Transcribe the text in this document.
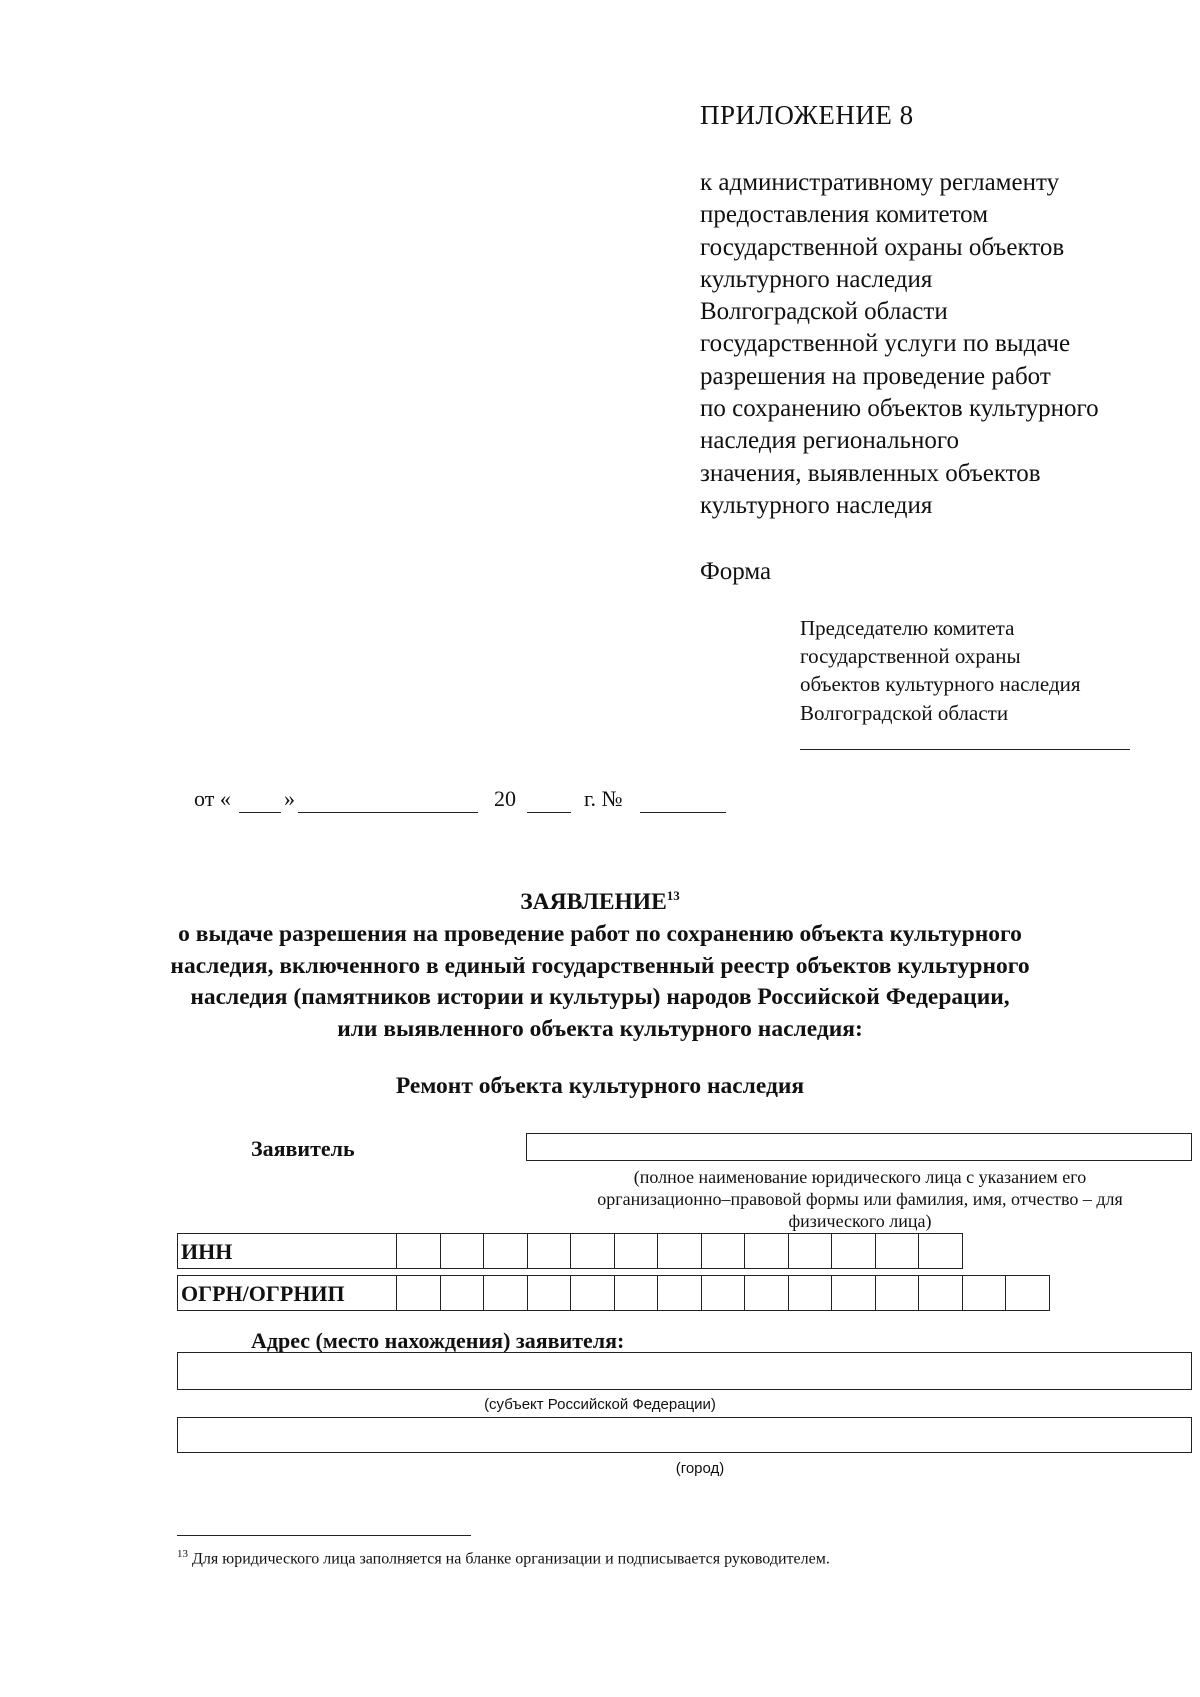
ПРИЛОЖЕНИЕ 8
к административному регламенту
предоставления комитетом
государственной охраны объектов
культурного наследия
Волгоградской области
государственной услуги по выдаче
разрешения на проведение работ
по сохранению объектов культурного
наследия регионального
значения, выявленных объектов
культурного наследия
Форма
Председателю комитета
государственной охраны
объектов культурного наследия
Волгоградской области
от « »	20	г. №
ЗАЯВЛЕНИЕ$^{13}$
о выдаче разрешения на проведение работ по сохранению объекта культурного
наследия, включенного в единый государственный реестр объектов культурного
наследия (памятников истории и культуры) народов Российской Федерации,
или выявленного объекта культурного наследия:
Ремонт объекта культурного наследия
Заявитель
(полное наименование юридического лица с указанием его
организационно–правовой формы или фамилия, имя, отчество – для
физического лица)
ИНН
ОГРН/ОГРНИП
Адрес (место нахождения) заявителя:
(субъект Российской Федерации)
(город)
$^{13}$ Для юридического лица заполняется на бланке организации и подписывается руководителем.
